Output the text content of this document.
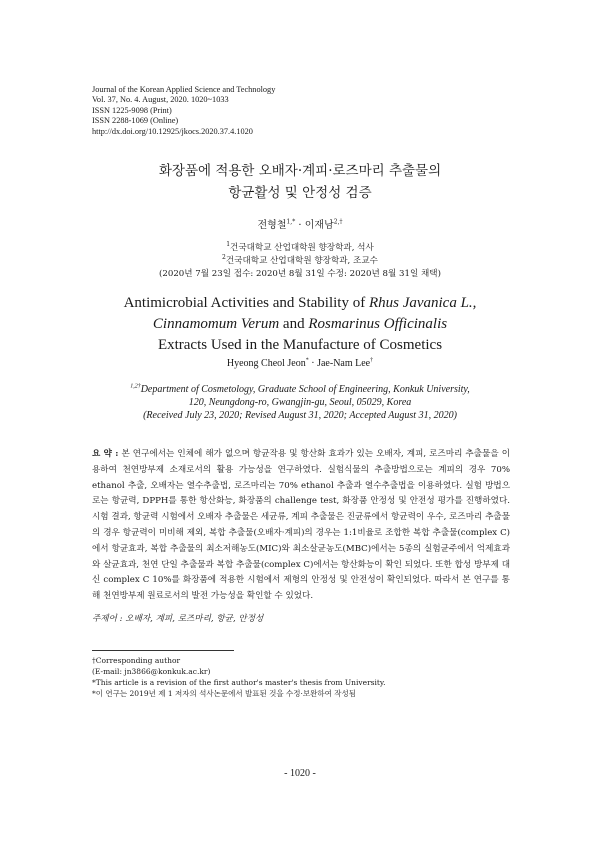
Journal of the Korean Applied Science and Technology
Vol. 37, No. 4. August, 2020. 1020~1033
ISSN 1225-9098 (Print)
ISSN 2288-1069 (Online)
http://dx.doi.org/10.12925/jkocs.2020.37.4.1020
화장품에 적용한 오배자·계피·로즈마리 추출물의
항균활성 및 안정성 검증
전형철$^{1,*}$ · 이재남$^{2,\dagger}$
$^1$건국대학교 산업대학원 향장학과, 석사
$^2$건국대학교 산업대학원 향장학과, 조교수
(2020년 7월 23일 접수: 2020년 8월 31일 수정: 2020년 8월 31일 채택)
Antimicrobial Activities and Stability of Rhus Javanica L.,
Cinnamomum Verum and Rosmarinus Officinalis
Extracts Used in the Manufacture of Cosmetics
Hyeong Cheol Jeon* · Jae-Nam Lee†
$^{1,2\dagger}$Department of Cosmetology, Graduate School of Engineering, Konkuk University,
120, Neungdong-ro, Gwangjin-gu, Seoul, 05029, Korea
(Received July 23, 2020; Revised August 31, 2020; Accepted August 31, 2020)
요 약 : 본 연구에서는 인체에 해가 없으며 항균작용 및 항산화 효과가 있는 오배자, 계피, 로즈마리 추출물을 이용하여 천연방부제 소재로서의 활용 가능성을 연구하였다. 실험식물의 추출방법으로는 계피의 경우 70% ethanol 추출, 오배자는 열수추출법, 로즈마리는 70% ethanol 추출과 열수추출법을 이용하였다. 실험 방법으로는 항균력, DPPH를 통한 항산화능, 화장품의 challenge test, 화장품 안정성 및 안전성 평가를 진행하였다. 시험 결과, 항균력 시험에서 오배자 추출물은 세균류, 계피 추출물은 진균류에서 항균력이 우수, 로즈마리 추출물의 경우 항균력이 미비해 제외, 복합 추출물(오배자·계피)의 경우는 1:1비율로 조합한 복합 추출물(complex C)에서 항균효과, 복합 추출물의 최소저해농도(MIC)와 최소살균농도(MBC)에서는 5종의 실험균주에서 억제효과와 살균효과, 천연 단일 추출물과 복합 추출물(complex C)에서는 항산화능이 확인 되었다. 또한 합성 방부제 대신 complex C 10%를 화장품에 적용한 시험에서 제형의 안정성 및 안전성이 확인되었다. 따라서 본 연구를 통해 천연방부제 원료로서의 발전 가능성을 확인할 수 있었다.
주제어 : 오배자, 계피, 로즈마리, 항균, 안정성
†Corresponding author
(E-mail: jn3866@konkuk.ac.kr)
*This article is a revision of the first author's master's thesis from University.
*이 연구는 2019년 제 1 저자의 석사논문에서 발표된 것을 수정·보완하여 작성됨
- 1020 -
